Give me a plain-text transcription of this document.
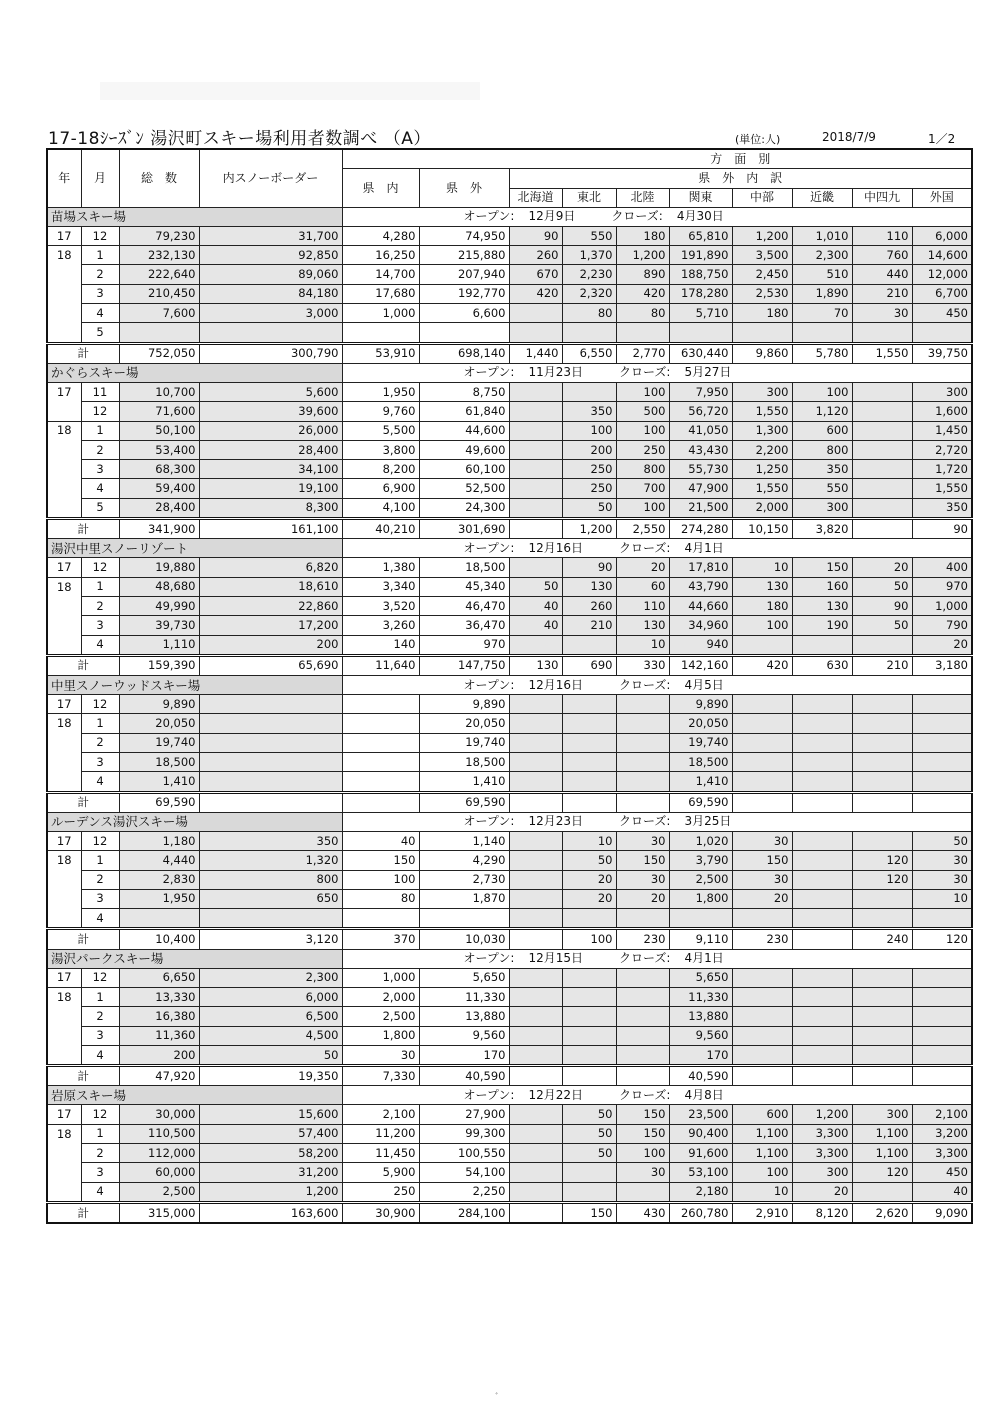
17-18ｼｰｽﾞﾝ 湯沢町スキー場利用者数調べ （A）	(単位:人)	2018/7/9	1／2
年	月	総　数	内スノーボーダー	方　面　別									
				県　内	県　外	県　外　内　訳							
						北海道	東北	北陸	関東	中部	近畿	中四九	外国
苗場スキー場				オープン: 12月9日 クローズ: 4月30日									
17	12	79,230	31,700	4,280	74,950	90	550	180	65,810	1,200	1,010	110	6,000
18	1	232,130	92,850	16,250	215,880	260	1,370	1,200	191,890	3,500	2,300	760	14,600
	2	222,640	89,060	14,700	207,940	670	2,230	890	188,750	2,450	510	440	12,000
	3	210,450	84,180	17,680	192,770	420	2,320	420	178,280	2,530	1,890	210	6,700
	4	7,600	3,000	1,000	6,600		80	80	5,710	180	70	30	450
	5												
計		752,050	300,790	53,910	698,140	1,440	6,550	2,770	630,440	9,860	5,780	1,550	39,750
かぐらスキー場				オープン: 11月23日 クローズ: 5月27日									
17	11	10,700	5,600	1,950	8,750			100	7,950	300	100		300
	12	71,600	39,600	9,760	61,840		350	500	56,720	1,550	1,120		1,600
18	1	50,100	26,000	5,500	44,600		100	100	41,050	1,300	600		1,450
	2	53,400	28,400	3,800	49,600		200	250	43,430	2,200	800		2,720
	3	68,300	34,100	8,200	60,100		250	800	55,730	1,250	350		1,720
	4	59,400	19,100	6,900	52,500		250	700	47,900	1,550	550		1,550
	5	28,400	8,300	4,100	24,300		50	100	21,500	2,000	300		350
計		341,900	161,100	40,210	301,690		1,200	2,550	274,280	10,150	3,820		90
湯沢中里スノーリゾート				オープン: 12月16日 クローズ: 4月1日									
17	12	19,880	6,820	1,380	18,500		90	20	17,810	10	150	20	400
18	1	48,680	18,610	3,340	45,340	50	130	60	43,790	130	160	50	970
	2	49,990	22,860	3,520	46,470	40	260	110	44,660	180	130	90	1,000
	3	39,730	17,200	3,260	36,470	40	210	130	34,960	100	190	50	790
	4	1,110	200	140	970			10	940				20
計		159,390	65,690	11,640	147,750	130	690	330	142,160	420	630	210	3,180
中里スノーウッドスキー場				オープン: 12月16日 クローズ: 4月5日									
17	12	9,890			9,890				9,890				
18	1	20,050			20,050				20,050				
	2	19,740			19,740				19,740				
	3	18,500			18,500				18,500				
	4	1,410			1,410				1,410				
計		69,590			69,590				69,590				
ルーデンス湯沢スキー場				オープン: 12月23日 クローズ: 3月25日									
17	12	1,180	350	40	1,140		10	30	1,020	30			50
18	1	4,440	1,320	150	4,290		50	150	3,790	150		120	30
	2	2,830	800	100	2,730		20	30	2,500	30		120	30
	3	1,950	650	80	1,870		20	20	1,800	20			10
	4												
計		10,400	3,120	370	10,030		100	230	9,110	230		240	120
湯沢パークスキー場				オープン: 12月15日 クローズ: 4月1日									
17	12	6,650	2,300	1,000	5,650				5,650				
18	1	13,330	6,000	2,000	11,330				11,330				
	2	16,380	6,500	2,500	13,880				13,880				
	3	11,360	4,500	1,800	9,560				9,560				
	4	200	50	30	170				170				
計		47,920	19,350	7,330	40,590				40,590				
岩原スキー場				オープン: 12月22日 クローズ: 4月8日									
17	12	30,000	15,600	2,100	27,900		50	150	23,500	600	1,200	300	2,100
18	1	110,500	57,400	11,200	99,300		50	150	90,400	1,100	3,300	1,100	3,200
	2	112,000	58,200	11,450	100,550		50	100	91,600	1,100	3,300	1,100	3,300
	3	60,000	31,200	5,900	54,100			30	53,100	100	300	120	450
	4	2,500	1,200	250	2,250				2,180	10	20		40
計		315,000	163,600	30,900	284,100		150	430	260,780	2,910	8,120	2,620	9,090
ﾞ
